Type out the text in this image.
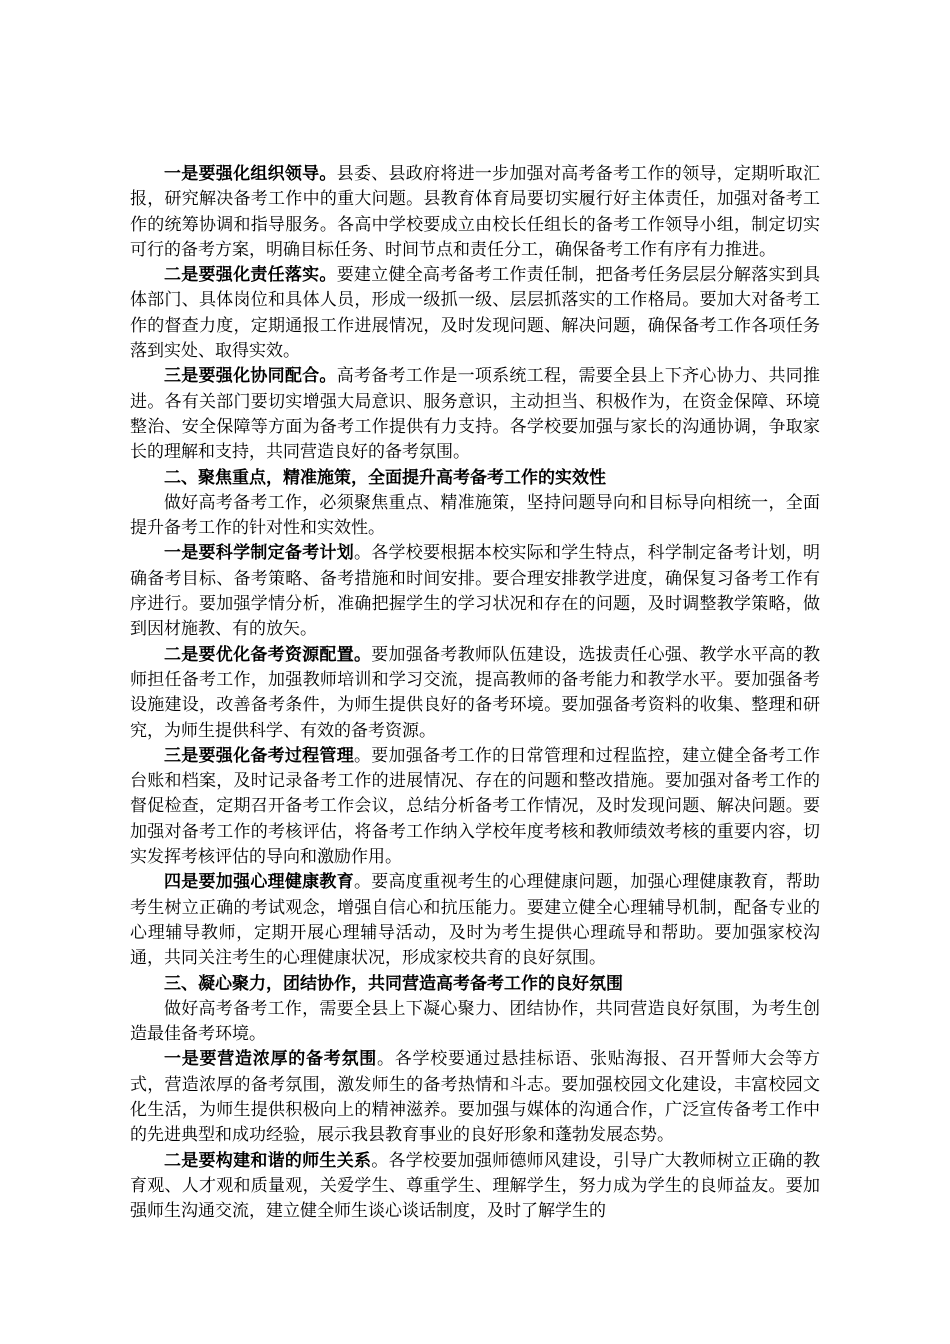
一是要强化组织领导。县委、县政府将进一步加强对高考备考工作的领导，定期听取汇报，研究解决备考工作中的重大问题。县教育体育局要切实履行好主体责任，加强对备考工作的统筹协调和指导服务。各高中学校要成立由校长任组长的备考工作领导小组，制定切实可行的备考方案，明确目标任务、时间节点和责任分工，确保备考工作有序有力推进。

二是要强化责任落实。要建立健全高考备考工作责任制，把备考任务层层分解落实到具体部门、具体岗位和具体人员，形成一级抓一级、层层抓落实的工作格局。要加大对备考工作的督查力度，定期通报工作进展情况，及时发现问题、解决问题，确保备考工作各项任务落到实处、取得实效。

三是要强化协同配合。高考备考工作是一项系统工程，需要全县上下齐心协力、共同推进。各有关部门要切实增强大局意识、服务意识，主动担当、积极作为，在资金保障、环境整治、安全保障等方面为备考工作提供有力支持。各学校要加强与家长的沟通协调，争取家长的理解和支持，共同营造良好的备考氛围。

二、聚焦重点，精准施策，全面提升高考备考工作的实效性

做好高考备考工作，必须聚焦重点、精准施策，坚持问题导向和目标导向相统一，全面提升备考工作的针对性和实效性。

一是要科学制定备考计划。各学校要根据本校实际和学生特点，科学制定备考计划，明确备考目标、备考策略、备考措施和时间安排。要合理安排教学进度，确保复习备考工作有序进行。要加强学情分析，准确把握学生的学习状况和存在的问题，及时调整教学策略，做到因材施教、有的放矢。

二是要优化备考资源配置。要加强备考教师队伍建设，选拔责任心强、教学水平高的教师担任备考工作，加强教师培训和学习交流，提高教师的备考能力和教学水平。要加强备考设施建设，改善备考条件，为师生提供良好的备考环境。要加强备考资料的收集、整理和研究，为师生提供科学、有效的备考资源。

三是要强化备考过程管理。要加强备考工作的日常管理和过程监控，建立健全备考工作台账和档案，及时记录备考工作的进展情况、存在的问题和整改措施。要加强对备考工作的督促检查，定期召开备考工作会议，总结分析备考工作情况，及时发现问题、解决问题。要加强对备考工作的考核评估，将备考工作纳入学校年度考核和教师绩效考核的重要内容，切实发挥考核评估的导向和激励作用。

四是要加强心理健康教育。要高度重视考生的心理健康问题，加强心理健康教育，帮助考生树立正确的考试观念，增强自信心和抗压能力。要建立健全心理辅导机制，配备专业的心理辅导教师，定期开展心理辅导活动，及时为考生提供心理疏导和帮助。要加强家校沟通，共同关注考生的心理健康状况，形成家校共育的良好氛围。

三、凝心聚力，团结协作，共同营造高考备考工作的良好氛围

做好高考备考工作，需要全县上下凝心聚力、团结协作，共同营造良好氛围，为考生创造最佳备考环境。

一是要营造浓厚的备考氛围。各学校要通过悬挂标语、张贴海报、召开誓师大会等方式，营造浓厚的备考氛围，激发师生的备考热情和斗志。要加强校园文化建设，丰富校园文化生活，为师生提供积极向上的精神滋养。要加强与媒体的沟通合作，广泛宣传备考工作中的先进典型和成功经验，展示我县教育事业的良好形象和蓬勃发展态势。

二是要构建和谐的师生关系。各学校要加强师德师风建设，引导广大教师树立正确的教育观、人才观和质量观，关爱学生、尊重学生、理解学生，努力成为学生的良师益友。要加强师生沟通交流，建立健全师生谈心谈话制度，及时了解学生的
